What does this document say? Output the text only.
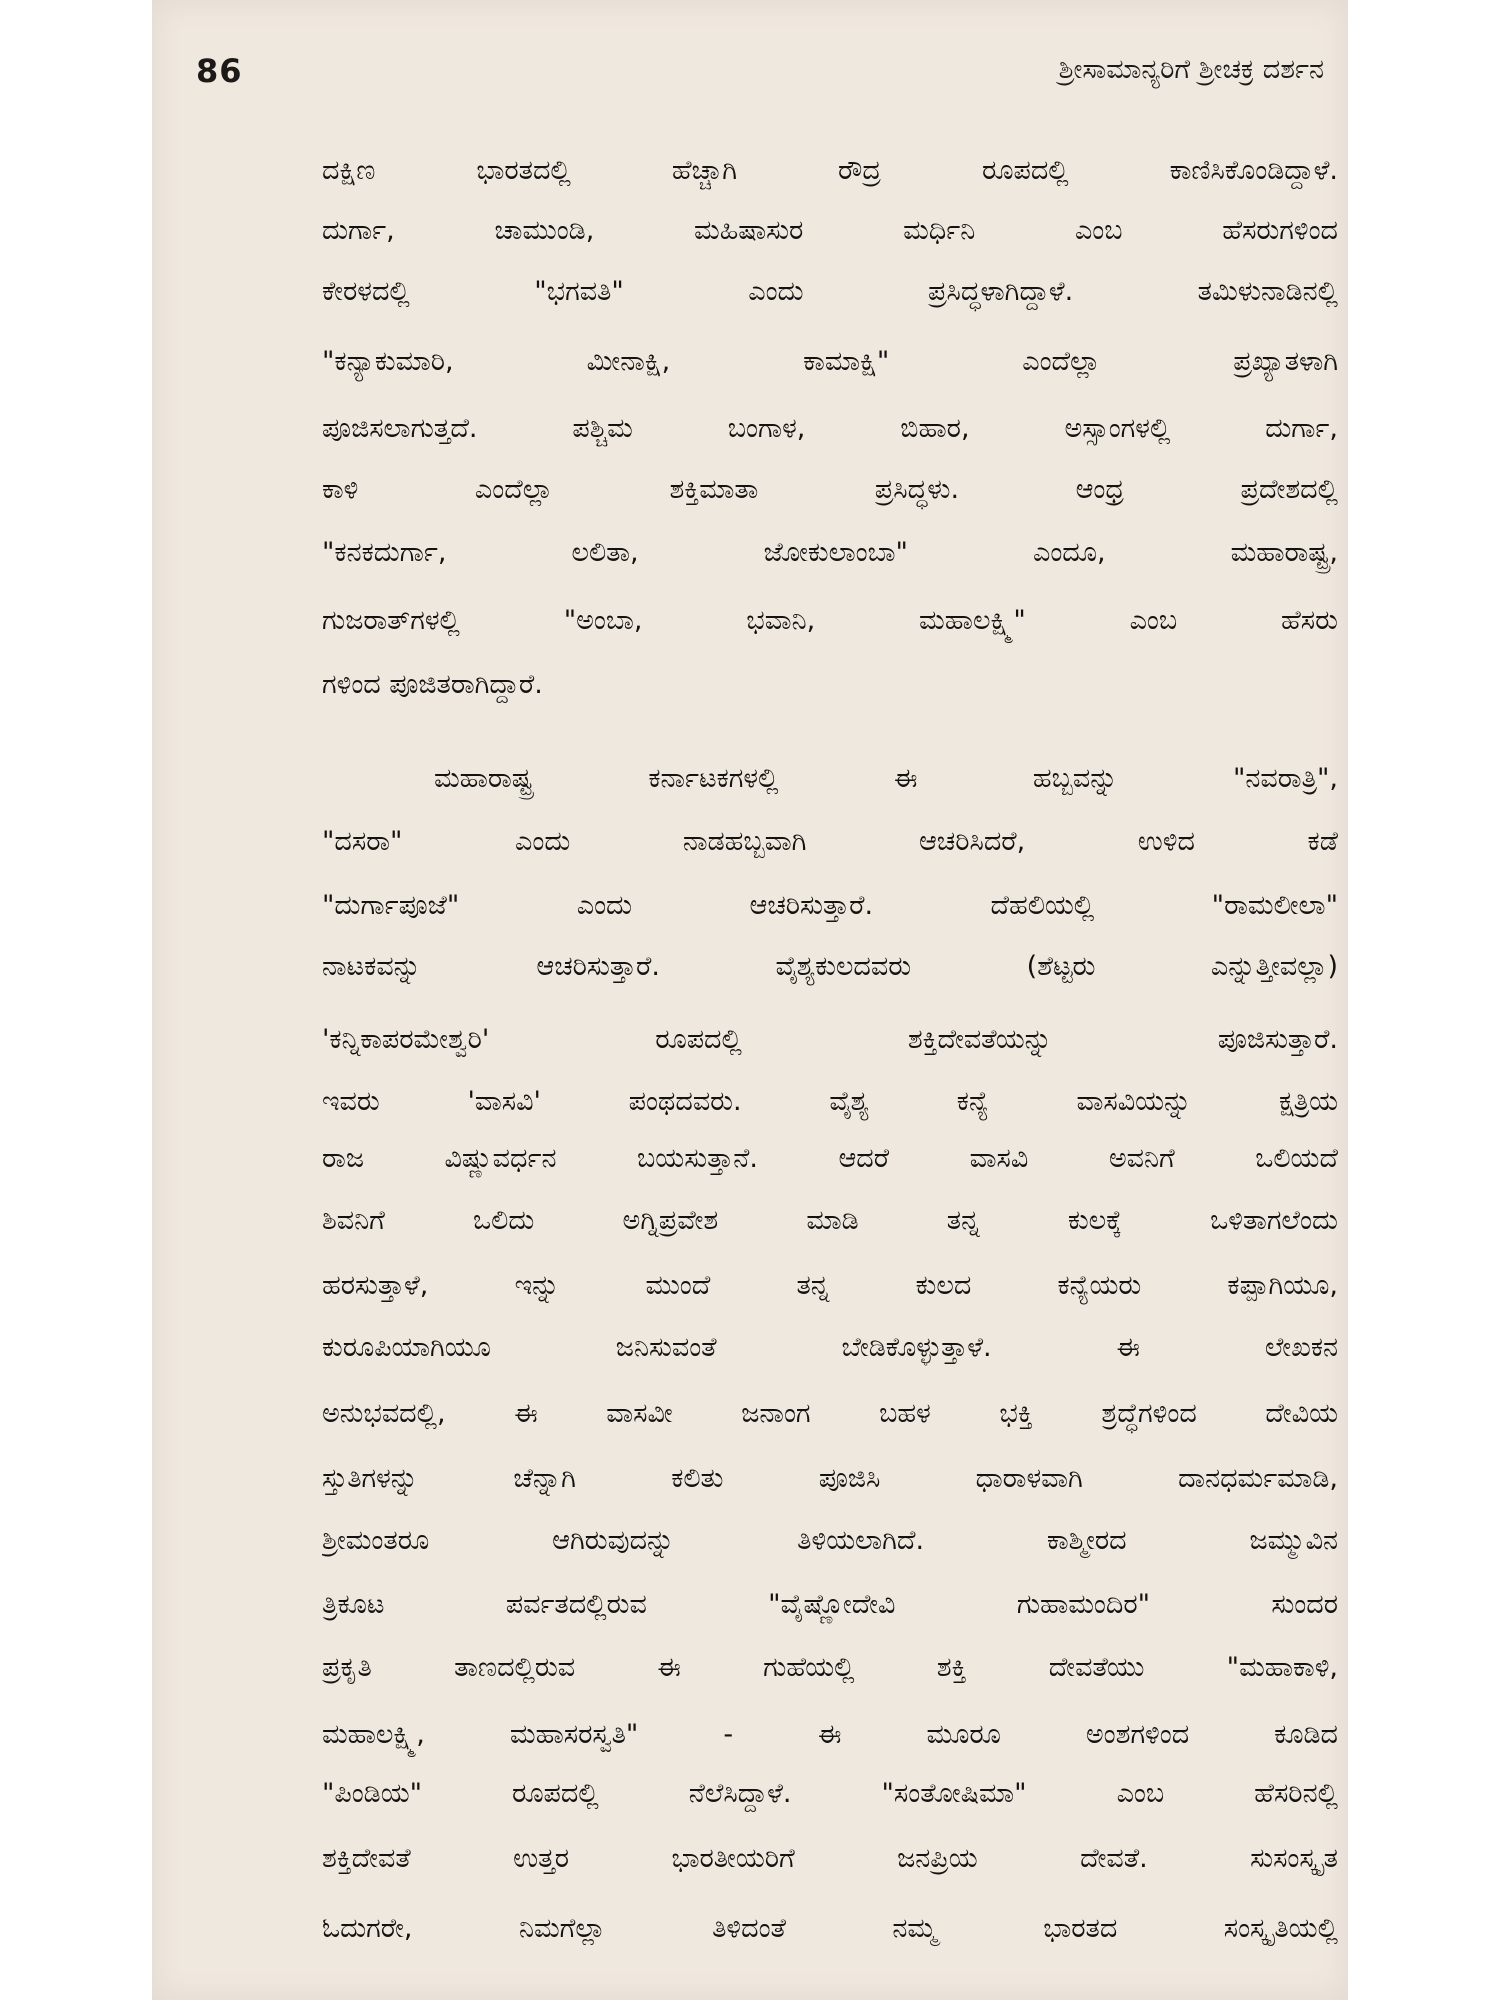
86	ಶ್ರೀಸಾಮಾನ್ಯರಿಗೆ ಶ್ರೀಚಕ್ರ ದರ್ಶನ
ದಕ್ಷಿಣ ಭಾರತದಲ್ಲಿ ಹೆಚ್ಚಾಗಿ ರೌದ್ರ ರೂಪದಲ್ಲಿ ಕಾಣಿಸಿಕೊಂಡಿದ್ದಾಳೆ.
ದುರ್ಗಾ, ಚಾಮುಂಡಿ, ಮಹಿಷಾಸುರ ಮರ್ಧಿನಿ ಎಂಬ ಹೆಸರುಗಳಿಂದ
ಕೇರಳದಲ್ಲಿ "ಭಗವತಿ" ಎಂದು ಪ್ರಸಿದ್ಧಳಾಗಿದ್ದಾಳೆ. ತಮಿಳುನಾಡಿನಲ್ಲಿ
"ಕನ್ಯಾಕುಮಾರಿ, ಮೀನಾಕ್ಷಿ, ಕಾಮಾಕ್ಷಿ" ಎಂದೆಲ್ಲಾ ಪ್ರಖ್ಯಾತಳಾಗಿ
ಪೂಜಿಸಲಾಗುತ್ತದೆ. ಪಶ್ಚಿಮ ಬಂಗಾಳ, ಬಿಹಾರ, ಅಸ್ಸಾಂಗಳಲ್ಲಿ ದುರ್ಗಾ,
ಕಾಳಿ ಎಂದೆಲ್ಲಾ ಶಕ್ತಿಮಾತಾ ಪ್ರಸಿದ್ಧಳು. ಆಂಧ್ರ ಪ್ರದೇಶದಲ್ಲಿ
"ಕನಕದುರ್ಗಾ, ಲಲಿತಾ, ಜೋಕುಲಾಂಬಾ" ಎಂದೂ, ಮಹಾರಾಷ್ಟ್ರ,
ಗುಜರಾತ್‌ಗಳಲ್ಲಿ "ಅಂಬಾ, ಭವಾನಿ, ಮಹಾಲಕ್ಷ್ಮಿ" ಎಂಬ ಹೆಸರು
ಗಳಿಂದ ಪೂಜಿತರಾಗಿದ್ದಾರೆ.
ಮಹಾರಾಷ್ಟ್ರ ಕರ್ನಾಟಕಗಳಲ್ಲಿ ಈ ಹಬ್ಬವನ್ನು "ನವರಾತ್ರಿ",
"ದಸರಾ" ಎಂದು ನಾಡಹಬ್ಬವಾಗಿ ಆಚರಿಸಿದರೆ, ಉಳಿದ ಕಡೆ
"ದುರ್ಗಾಪೂಜೆ" ಎಂದು ಆಚರಿಸುತ್ತಾರೆ. ದೆಹಲಿಯಲ್ಲಿ "ರಾಮಲೀಲಾ"
ನಾಟಕವನ್ನು ಆಚರಿಸುತ್ತಾರೆ. ವೈಶ್ಯಕುಲದವರು (ಶೆಟ್ಟರು ಎನ್ನುತ್ತೀವಲ್ಲಾ)
'ಕನ್ನಿಕಾಪರಮೇಶ್ವರಿ' ರೂಪದಲ್ಲಿ ಶಕ್ತಿದೇವತೆಯನ್ನು ಪೂಜಿಸುತ್ತಾರೆ.
ಇವರು 'ವಾಸವಿ' ಪಂಥದವರು. ವೈಶ್ಯ ಕನ್ಯೆ ವಾಸವಿಯನ್ನು ಕ್ಷತ್ರಿಯ
ರಾಜ ವಿಷ್ಣುವರ್ಧನ ಬಯಸುತ್ತಾನೆ. ಆದರೆ ವಾಸವಿ ಅವನಿಗೆ ಒಲಿಯದೆ
ಶಿವನಿಗೆ ಒಲಿದು ಅಗ್ನಿಪ್ರವೇಶ ಮಾಡಿ ತನ್ನ ಕುಲಕ್ಕೆ ಒಳಿತಾಗಲೆಂದು
ಹರಸುತ್ತಾಳೆ, ಇನ್ನು ಮುಂದೆ ತನ್ನ ಕುಲದ ಕನ್ಯೆಯರು ಕಪ್ಪಾಗಿಯೂ,
ಕುರೂಪಿಯಾಗಿಯೂ ಜನಿಸುವಂತೆ ಬೇಡಿಕೊಳ್ಳುತ್ತಾಳೆ. ಈ ಲೇಖಕನ
ಅನುಭವದಲ್ಲಿ, ಈ ವಾಸವೀ ಜನಾಂಗ ಬಹಳ ಭಕ್ತಿ ಶ್ರದ್ಧೆಗಳಿಂದ ದೇವಿಯ
ಸ್ತುತಿಗಳನ್ನು ಚೆನ್ನಾಗಿ ಕಲಿತು ಪೂಜಿಸಿ ಧಾರಾಳವಾಗಿ ದಾನಧರ್ಮಮಾಡಿ,
ಶ್ರೀಮಂತರೂ ಆಗಿರುವುದನ್ನು ತಿಳಿಯಲಾಗಿದೆ. ಕಾಶ್ಮೀರದ ಜಮ್ಮುವಿನ
ತ್ರಿಕೂಟ ಪರ್ವತದಲ್ಲಿರುವ "ವೈಷ್ಣೋದೇವಿ ಗುಹಾಮಂದಿರ" ಸುಂದರ
ಪ್ರಕೃತಿ ತಾಣದಲ್ಲಿರುವ ಈ ಗುಹೆಯಲ್ಲಿ ಶಕ್ತಿ ದೇವತೆಯು "ಮಹಾಕಾಳಿ,
ಮಹಾಲಕ್ಷ್ಮಿ, ಮಹಾಸರಸ್ವತಿ" - ಈ ಮೂರೂ ಅಂಶಗಳಿಂದ ಕೂಡಿದ
"ಪಿಂಡಿಯ" ರೂಪದಲ್ಲಿ ನೆಲೆಸಿದ್ದಾಳೆ. "ಸಂತೋಷಿಮಾ" ಎಂಬ ಹೆಸರಿನಲ್ಲಿ
ಶಕ್ತಿದೇವತೆ ಉತ್ತರ ಭಾರತೀಯರಿಗೆ ಜನಪ್ರಿಯ ದೇವತೆ. ಸುಸಂಸ್ಕೃತ
ಓದುಗರೇ, ನಿಮಗೆಲ್ಲಾ ತಿಳಿದಂತೆ ನಮ್ಮ ಭಾರತದ ಸಂಸ್ಕೃತಿಯಲ್ಲಿ
